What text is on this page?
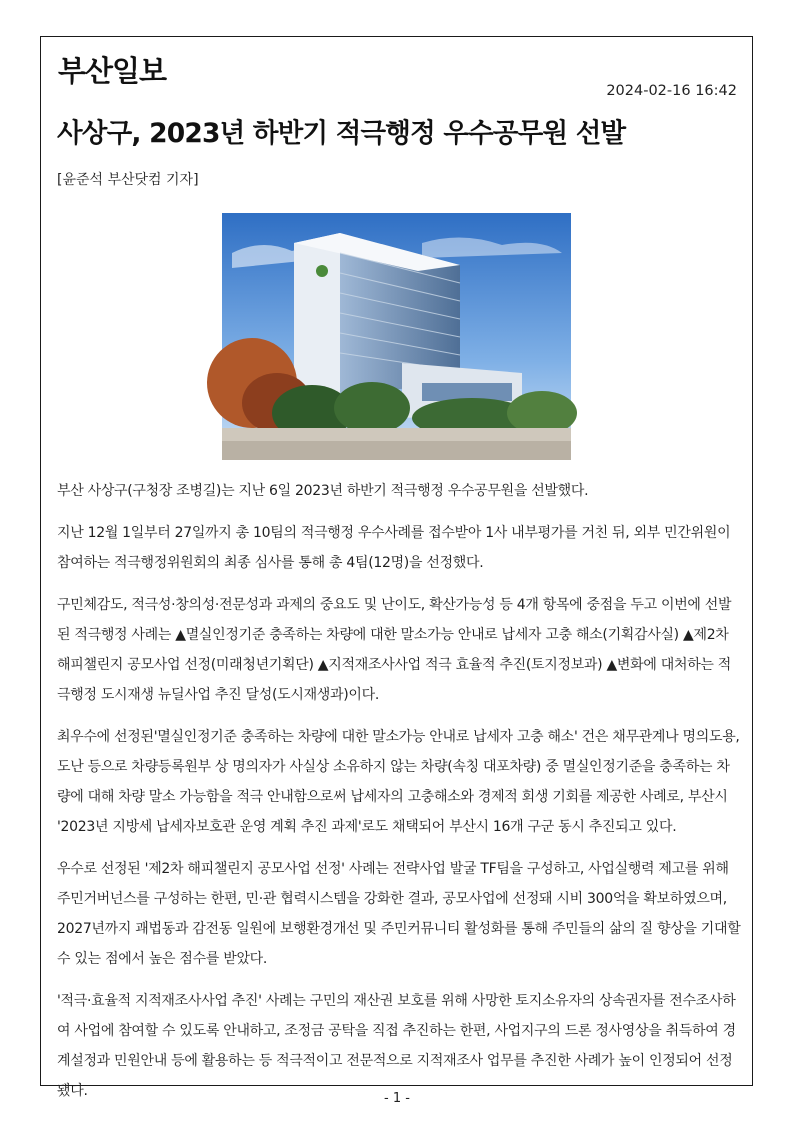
부산일보
2024-02-16 16:42
사상구, 2023년 하반기 적극행정 우수공무원 선발
[윤준석 부산닷컴 기자]

부산 사상구(구청장 조병길)는 지난 6일 2023년 하반기 적극행정 우수공무원을 선발했다.

지난 12월 1일부터 27일까지 총 10팀의 적극행정 우수사례를 접수받아 1사 내부평가를 거친 뒤, 외부 민간위원이 참여하는 적극행정위원회의 최종 심사를 통해 총 4팀(12명)을 선정했다.

구민체감도, 적극성·창의성·전문성과 과제의 중요도 및 난이도, 확산가능성 등 4개 항목에 중점을 두고 이번에 선발된 적극행정 사례는 ▲멸실인정기준 충족하는 차량에 대한 말소가능 안내로 납세자 고충 해소(기획감사실) ▲제2차 해피챌린지 공모사업 선정(미래청년기획단) ▲지적재조사사업 적극 효율적 추진(토지정보과) ▲변화에 대처하는 적극행정 도시재생 뉴딜사업 추진 달성(도시재생과)이다.

최우수에 선정된'멸실인정기준 충족하는 차량에 대한 말소가능 안내로 납세자 고충 해소' 건은 채무관계나 명의도용, 도난 등으로 차량등록원부 상 명의자가 사실상 소유하지 않는 차량(속칭 대포차량) 중 멸실인정기준을 충족하는 차량에 대해 차량 말소 가능함을 적극 안내함으로써 납세자의 고충해소와 경제적 회생 기회를 제공한 사례로, 부산시 '2023년 지방세 납세자보호관 운영 계획 추진 과제'로도 채택되어 부산시 16개 구군 동시 추진되고 있다.

우수로 선정된 '제2차 해피챌린지 공모사업 선정' 사례는 전략사업 발굴 TF팀을 구성하고, 사업실행력 제고를 위해 주민거버넌스를 구성하는 한편, 민·관 협력시스템을 강화한 결과, 공모사업에 선정돼 시비 300억을 확보하였으며, 2027년까지 괘법동과 감전동 일원에 보행환경개선 및 주민커뮤니티 활성화를 통해 주민들의 삶의 질 향상을 기대할 수 있는 점에서 높은 점수를 받았다.

'적극·효율적 지적재조사사업 추진' 사례는 구민의 재산권 보호를 위해 사망한 토지소유자의 상속권자를 전수조사하여 사업에 참여할 수 있도록 안내하고, 조정금 공탁을 직접 추진하는 한편, 사업지구의 드론 정사영상을 취득하여 경계설정과 민원안내 등에 활용하는 등 적극적이고 전문적으로 지적재조사 업무를 추진한 사례가 높이 인정되어 선정됐다.	- 1 -
